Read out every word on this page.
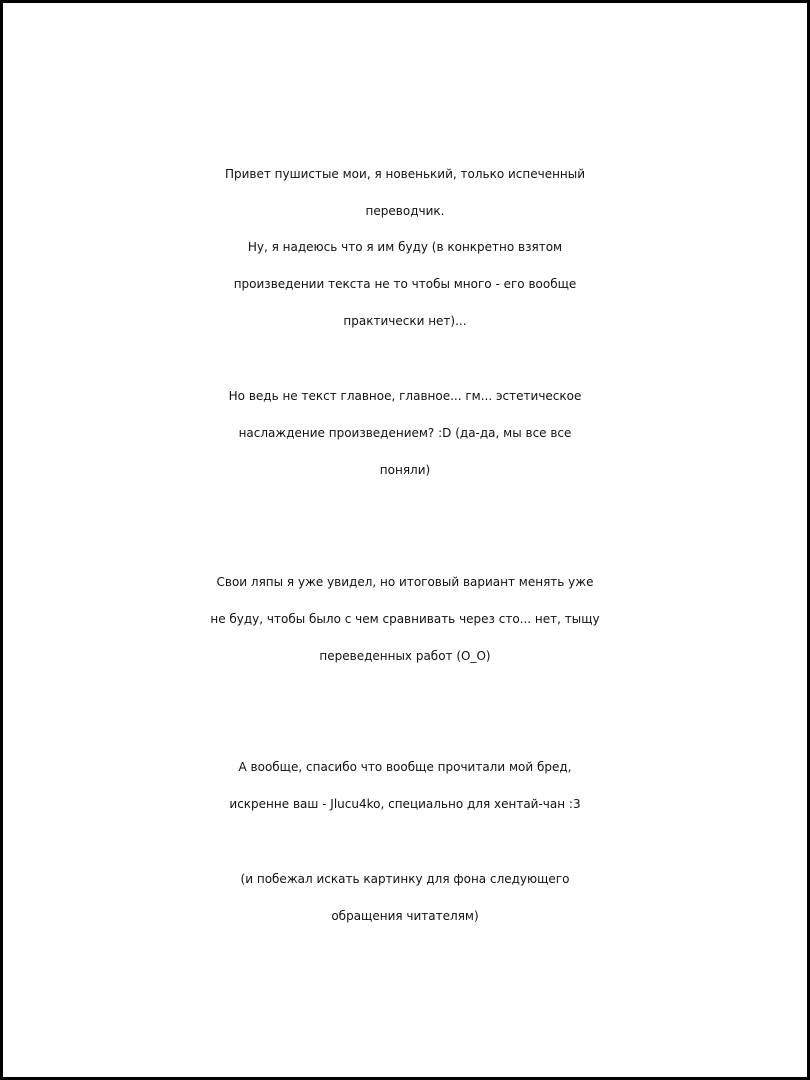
Привет пушистые мои, я новенький, только испеченный
переводчик.
Ну, я надеюсь что я им буду (в конкретно взятом
произведении текста не то чтобы много - его вообще
практически нет)...
Но ведь не текст главное, главное... гм... эстетическое
наслаждение произведением? :D (да-да, мы все все
поняли)
Свои ляпы я уже увидел, но итоговый вариант менять уже
не буду, чтобы было с чем сравнивать через сто... нет, тыщу
переведенных работ (O_O)
А вообще, спасибо что вообще прочитали мой бред,
искренне ваш - Jlucu4ko, специально для хентай-чан :3
(и побежал искать картинку для фона следующего
обращения читателям)
